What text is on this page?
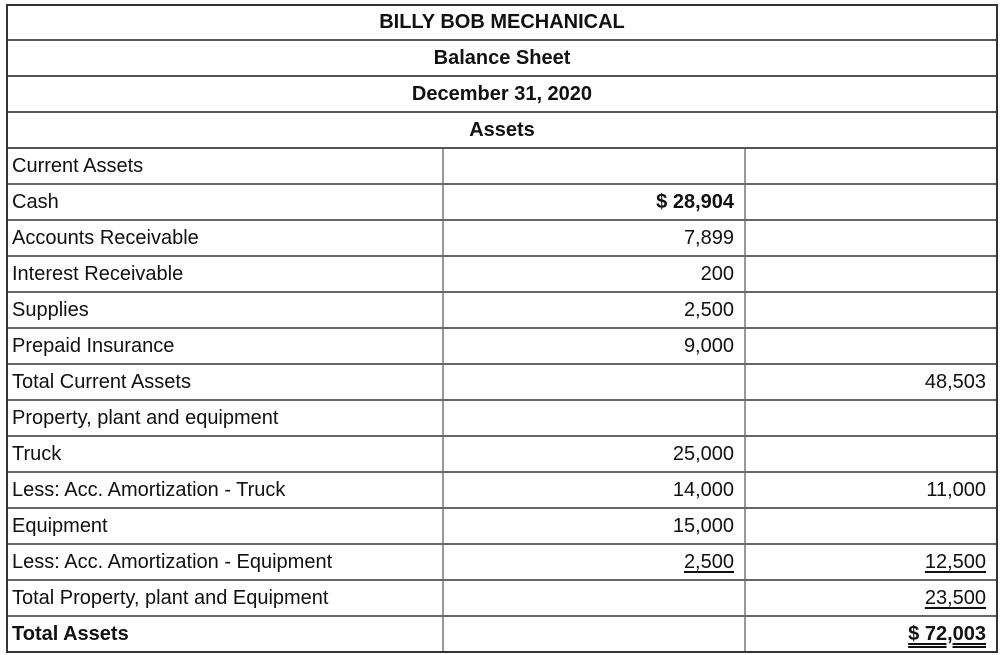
BILLY BOB MECHANICAL
Balance Sheet
December 31, 2020
Assets
Current Assets		
Cash	$ 28,904	
Accounts Receivable	7,899	
Interest Receivable	200	
Supplies	2,500	
Prepaid Insurance	9,000	
Total Current Assets		48,503
Property, plant and equipment		
Truck	25,000	
Less: Acc. Amortization - Truck	14,000	11,000
Equipment	15,000	
Less: Acc. Amortization - Equipment	2,500	12,500
Total Property, plant and Equipment		23,500
Total Assets		$ 72,003
